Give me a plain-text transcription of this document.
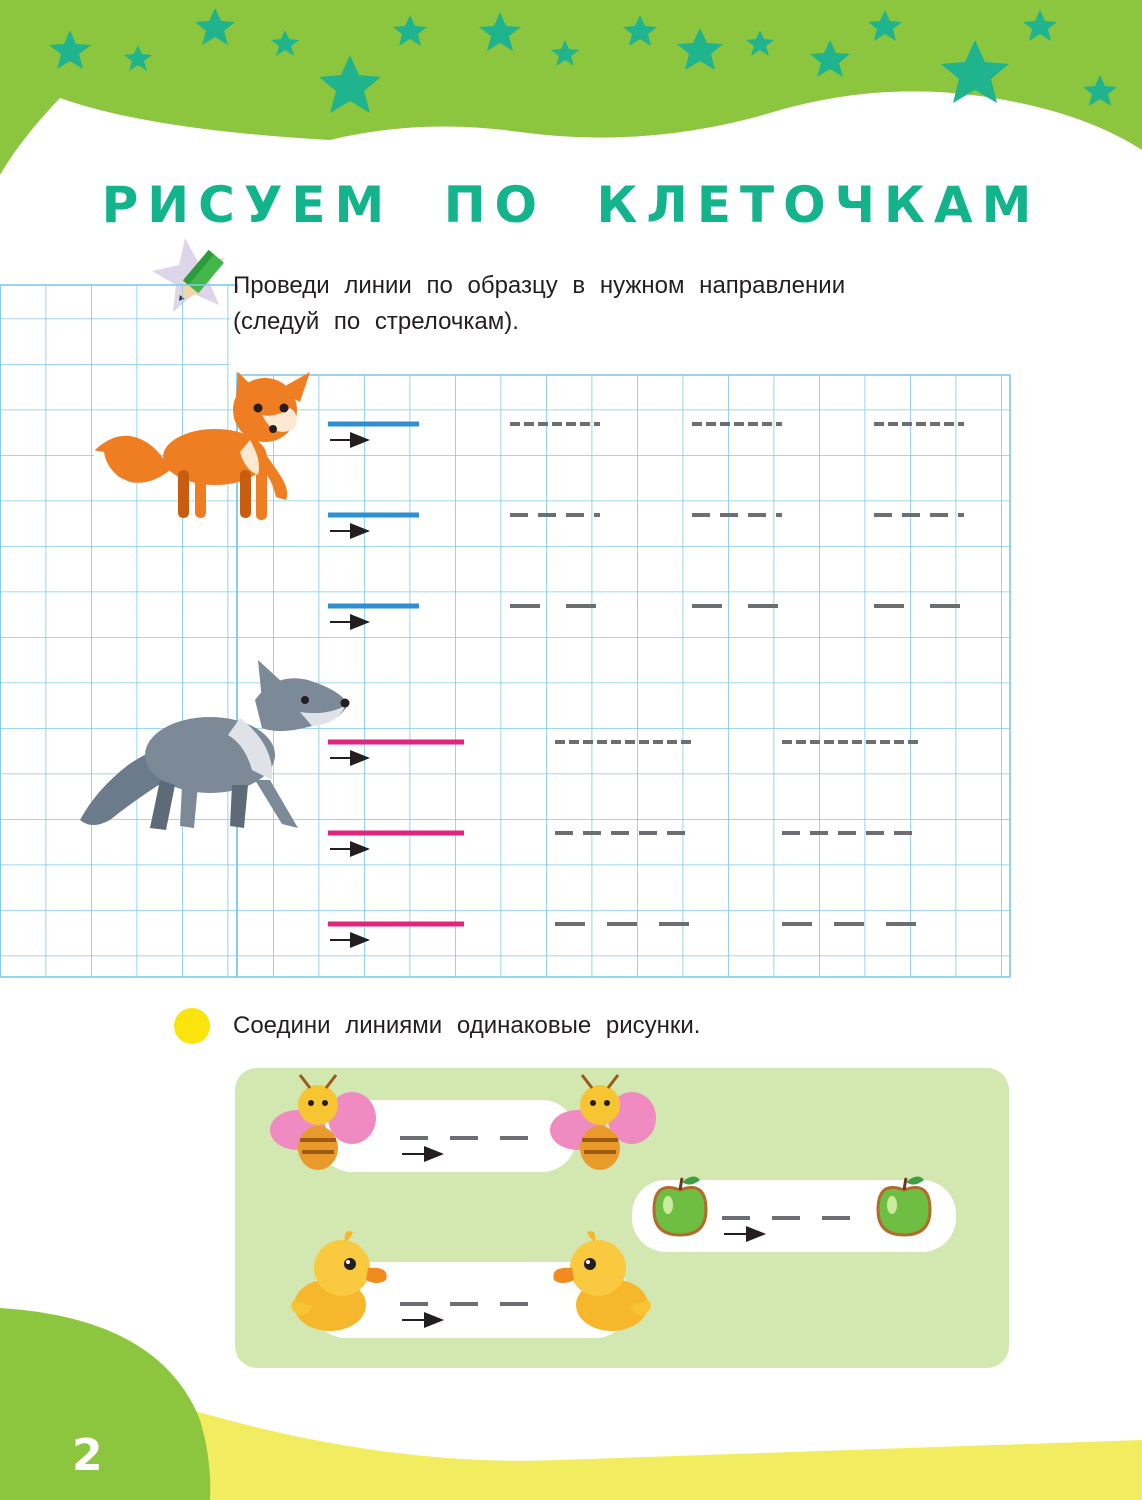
РИСУЕМ ПО КЛЕТОЧКАМ
Проведи линии по образцу в нужном направлении
(следуй по стрелочкам).
Соедини линиями одинаковые рисунки.
2
